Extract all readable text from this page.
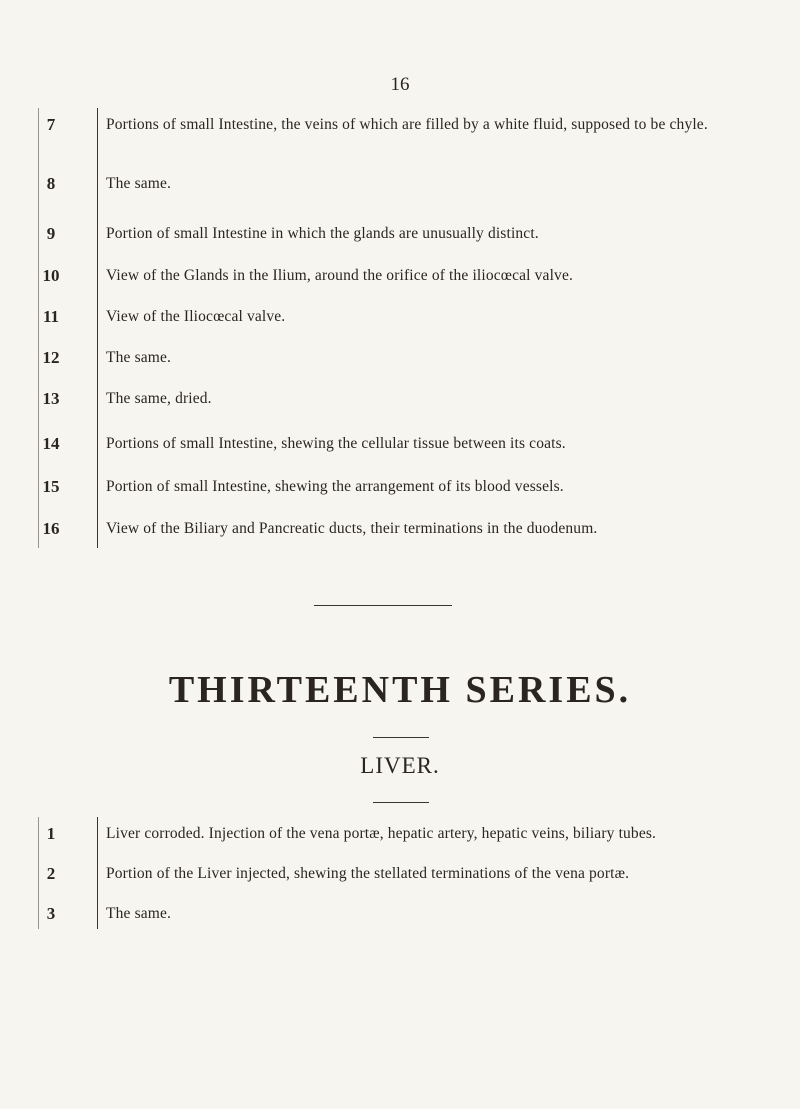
16
7	Portions of small Intestine, the veins of which are filled by a white fluid, supposed to be chyle.
8	The same.
9	Portion of small Intestine in which the glands are unusually distinct.
10	View of the Glands in the Ilium, around the orifice of the iliocœcal valve.
11	View of the Iliocœcal valve.
12	The same.
13	The same, dried.
14	Portions of small Intestine, shewing the cellular tissue between its coats.
15	Portion of small Intestine, shewing the arrangement of its blood vessels.
16	View of the Biliary and Pancreatic ducts, their terminations in the duodenum.
THIRTEENTH SERIES.
LIVER.
1	Liver corroded. Injection of the vena portæ, hepatic artery, hepatic veins, biliary tubes.
2	Portion of the Liver injected, shewing the stellated terminations of the vena portæ.
3	The same.
